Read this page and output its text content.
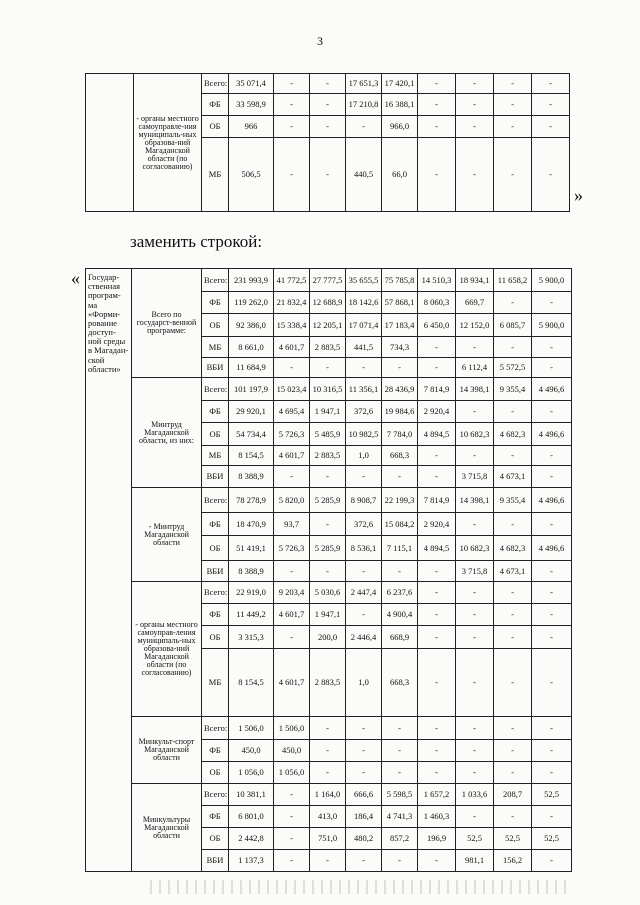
3
	- органы местного самоуправле-ния муниципаль-ных образова-ний Магаданской области (по согласованию)	Всего:	35 071,4	-	-	17 651,3	17 420,1	-	-	-	-
		ФБ	33 598,9	-	-	17 210,8	16 388,1	-	-	-	-
		ОБ	966	-	-	-	966,0	-	-	-	-
		МБ	506,5	-	-	440,5	66,0	-	-	-	-
»
заменить строкой:
« Государ-ственная програм-ма «Форми-рование доступ-ной среды в Магадан-ской области»	Всего по государст-венной программе:	Всего:	231 993,9	41 772,5	27 777,5	35 655,5	75 785,8	14 510,3	18 934,1	11 658,2	5 900,0
		ФБ	119 262,0	21 832,4	12 688,9	18 142,6	57 868,1	8 060,3	669,7	-	-
		ОБ	92 386,0	15 338,4	12 205,1	17 071,4	17 183,4	6 450,0	12 152,0	6 085,7	5 900,0
		МБ	8 661,0	4 601,7	2 883,5	441,5	734,3	-	-	-	-
		ВБИ	11 684,9	-	-	-	-	-	6 112,4	5 572,5	-
	Минтруд Магаданской области, из них:	Всего:	101 197,9	15 023,4	10 316,5	11 356,1	28 436,9	7 814,9	14 398,1	9 355,4	4 496,6
		ФБ	29 920,1	4 695,4	1 947,1	372,6	19 984,6	2 920,4	-	-	-
		ОБ	54 734,4	5 726,3	5 485,9	10 982,5	7 784,0	4 894,5	10 682,3	4 682,3	4 496,6
		МБ	8 154,5	4 601,7	2 883,5	1,0	668,3	-	-	-	-
		ВБИ	8 388,9	-	-	-	-	-	3 715,8	4 673,1	-
	- Минтруд Магаданской области	Всего:	78 278,9	5 820,0	5 285,9	8 908,7	22 199,3	7 814,9	14 398,1	9 355,4	4 496,6
		ФБ	18 470,9	93,7	-	372,6	15 084,2	2 920,4	-	-	-
		ОБ	51 419,1	5 726,3	5 285,9	8 536,1	7 115,1	4 894,5	10 682,3	4 682,3	4 496,6
		ВБИ	8 388,9	-	-	-	-	-	3 715,8	4 673,1	-
	- органы местного самоуправ-ления муниципаль-ных образова-ний Магаданской области (по согласованию)	Всего:	22 919,0	9 203,4	5 030,6	2 447,4	6 237,6	-	-	-	-
		ФБ	11 449,2	4 601,7	1 947,1	-	4 900,4	-	-	-	-
		ОБ	3 315,3	-	200,0	2 446,4	668,9	-	-	-	-
		МБ	8 154,5	4 601,7	2 883,5	1,0	668,3	-	-	-	-
	Минкульт-спорт Магаданской области	Всего:	1 506,0	1 506,0	-	-	-	-	-	-	-
		ФБ	450,0	450,0	-	-	-	-	-	-	-
		ОБ	1 056,0	1 056,0	-	-	-	-	-	-	-
	Минкультуры Магаданской области	Всего:	10 381,1	-	1 164,0	666,6	5 598,5	1 657,2	1 033,6	208,7	52,5
		ФБ	6 801,0	-	413,0	186,4	4 741,3	1 460,3	-	-	-
		ОБ	2 442,8	-	751,0	480,2	857,2	196,9	52,5	52,5	52,5
		ВБИ	1 137,3	-	-	-	-	-	981,1	156,2	-
